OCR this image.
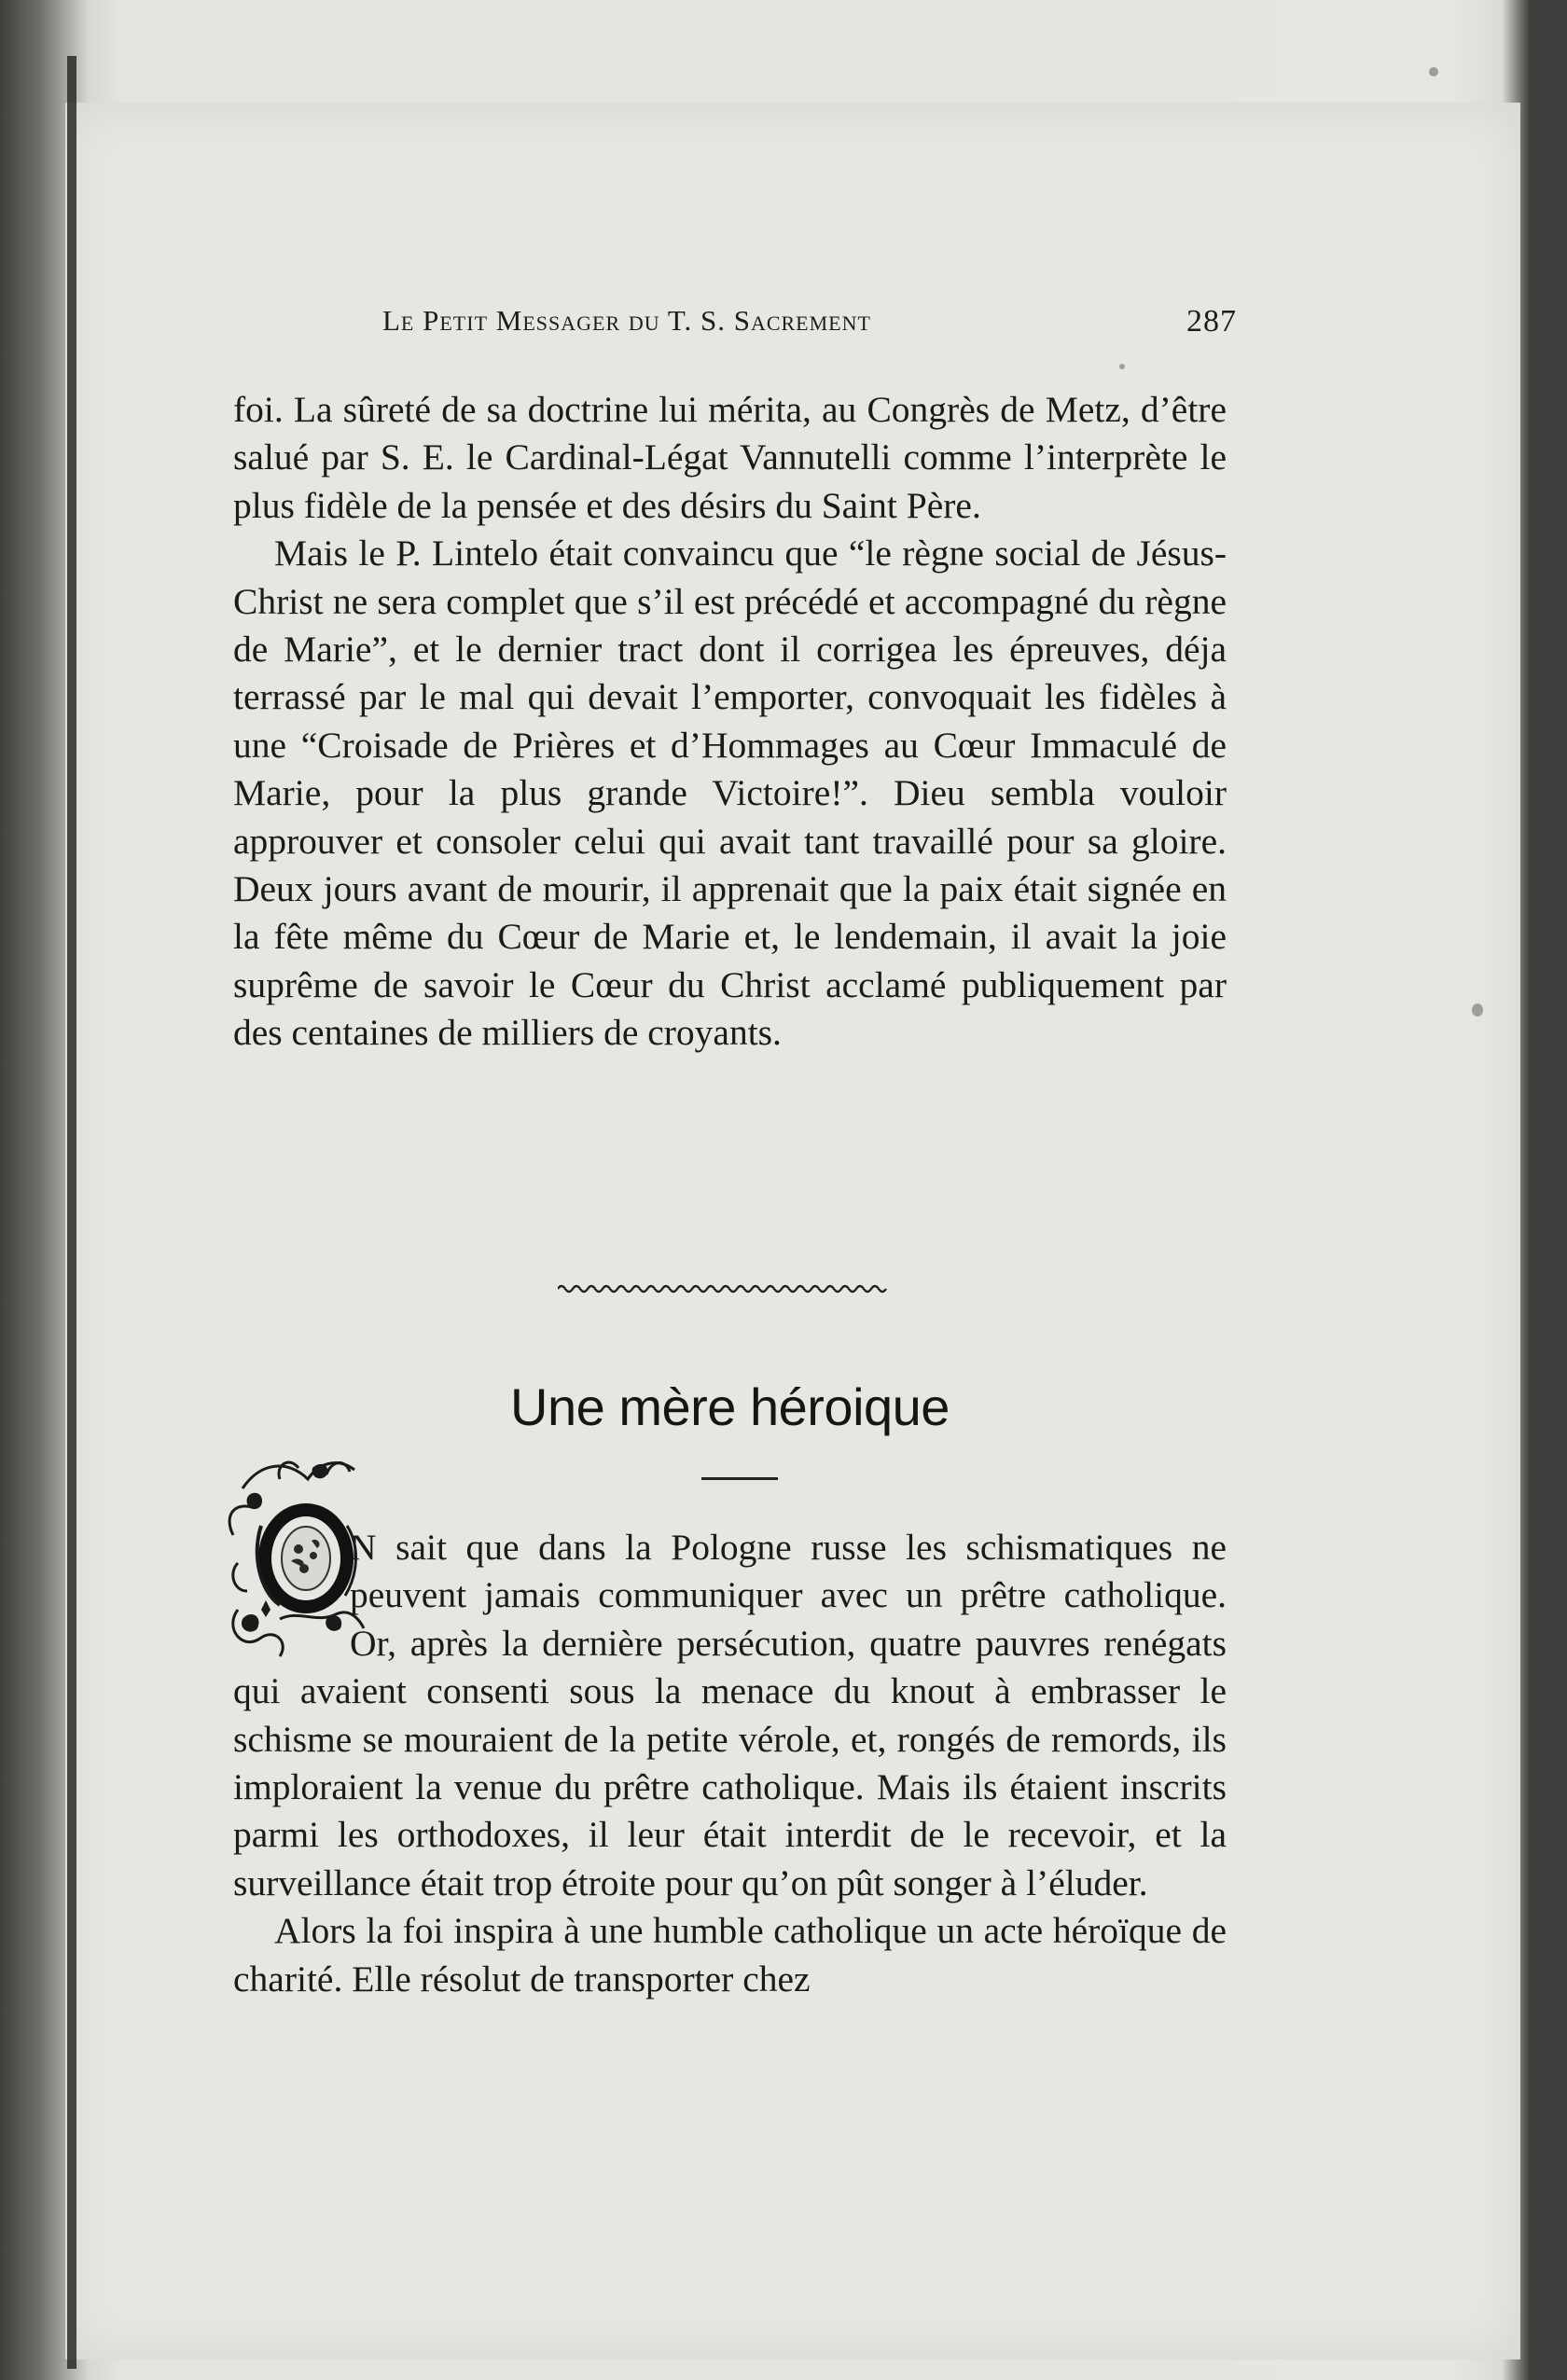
Le Petit Messager du T. S. Sacrement	287

foi. La sûreté de sa doctrine lui mérita, au Congrès de Metz, d’être salué par S. E. le Cardinal-Légat Vannutelli comme l’interprète le plus fidèle de la pensée et des désirs du Saint Père.

Mais le P. Lintelo était convaincu que “le règne social de Jésus-Christ ne sera complet que s’il est précédé et accompagné du règne de Marie”, et le dernier tract dont il corrigea les épreuves, déja terrassé par le mal qui devait l’emporter, convoquait les fidèles à une “Croisade de Prières et d’Hommages au Cœur Immaculé de Marie, pour la plus grande Victoire!”. Dieu sembla vouloir approuver et consoler celui qui avait tant travaillé pour sa gloire. Deux jours avant de mourir, il apprenait que la paix était signée en la fête même du Cœur de Marie et, le lendemain, il avait la joie suprême de savoir le Cœur du Christ acclamé publiquement par des centaines de milliers de croyants.

Une mère héroique

N sait que dans la Pologne russe les schismatiques ne peuvent jamais communiquer avec un prêtre catholique. Or, après la dernière persécution, quatre pauvres renégats qui avaient consenti sous la menace du knout à embrasser le schisme se mouraient de la petite vérole, et, rongés de remords, ils imploraient la venue du prêtre catholique. Mais ils étaient inscrits parmi les orthodoxes, il leur était interdit de le recevoir, et la surveillance était trop étroite pour qu’on pût songer à l’éluder.

Alors la foi inspira à une humble catholique un acte héroïque de charité. Elle résolut de transporter chez
